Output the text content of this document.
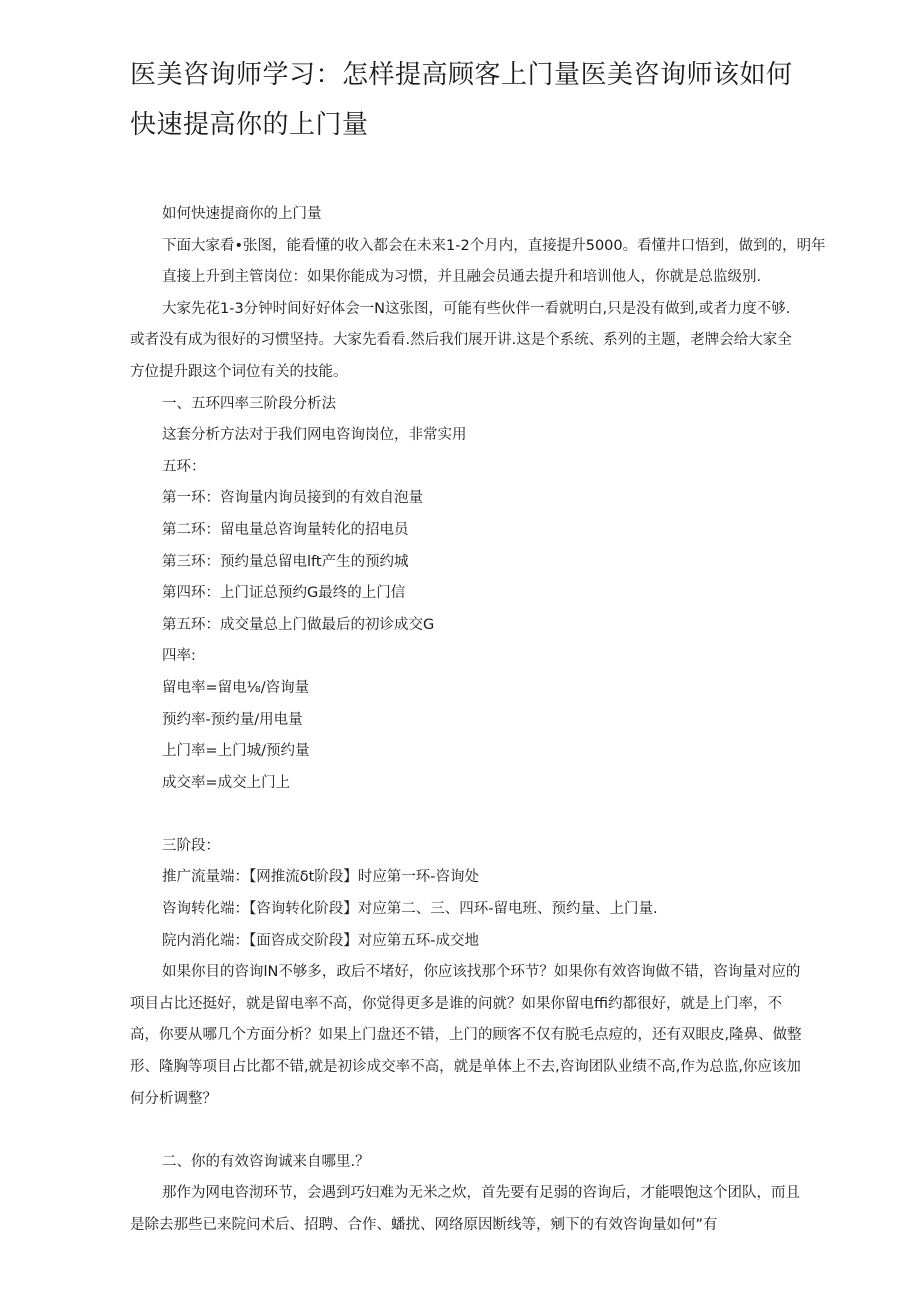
医美咨询师学习：怎样提高顾客上门量医美咨询师该如何快速提高你的上门量

如何快速提商你的上门量

下面大家看•张图，能看懂的收入都会在未来1-2个月内，直接提升5000。看懂井口悟到，做到的，明年直接上升到主管岗位：如果你能成为习惯，并且融会员通去提升和培训他人，你就是总监级别.

大家先花1-3分钟时间好好体会一N这张图，可能有些伙伴一看就明白,只是没有做到,或者力度不够.或者没有成为很好的习惯坚持。大家先看看.然后我们展开讲.这是个系统、系列的主题，老牌会给大家全方位提升跟这个词位有关的技能。

一、五环四率三阶段分析法

这套分析方法对于我们网电咨询岗位，非常实用

五环：

第一环：咨询量内询员接到的有效自泡量

第二环：留电量总咨询量转化的招电员

第三环：预约量总留电lft产生的预约城

第四环：上门证总预约G最终的上门信

第五环：成交量总上门做最后的初诊成交G

四率:

留电率=留电⅛∕咨询量

预约率-预约量/用电量

上门率=上门城/预约量

成交率=成交上门上

三阶段：

推广流量端：【网推流δt阶段】时应第一环-咨询处

咨询转化端：【咨询转化阶段】对应第二、三、四环-留电班、预约量、上门量.

院内消化端：【面咨成交阶段】对应第五环-成交地

如果你目的咨询lN不够多，政后不堵好，你应该找那个环节？如果你有效咨询做不错，咨询量对应的项目占比还挺好，就是留电率不高，你觉得更多是谁的问就？如果你留电ffi约都很好，就是上门率，不高，你要从哪几个方面分析？如果上门盘还不错，上门的顾客不仅有脱毛点痘的，还有双眼皮,隆鼻、做整形、隆胸等项目占比都不错,就是初诊成交率不高，就是单体上不去,咨询团队业绩不高,作为总监,你应该加何分析调整？

二、你的有效咨询诚来自哪里.？

那作为网电咨沏环节，会遇到巧妇难为无米之炊，首先要有足弱的咨询后，才能喂饱这个团队，而且是除去那些已来院问术后、招聘、合作、蟠扰、网络原因断线等，剜下的有效咨询量如何”有
